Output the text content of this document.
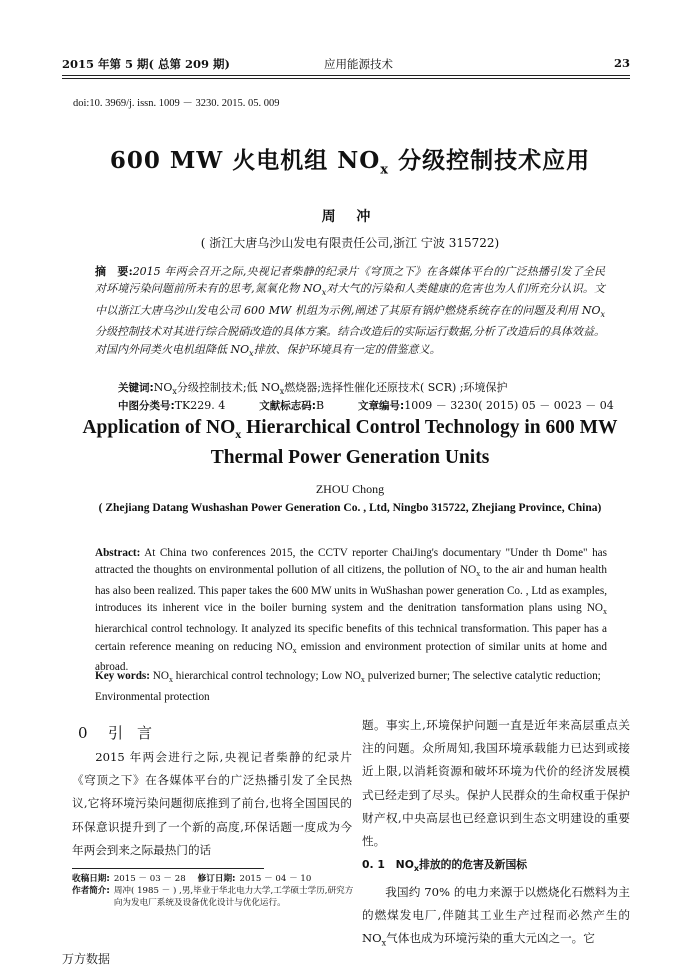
2015 年第 5 期( 总第 209 期)	应用能源技术	23
doi:10. 3969/j. issn. 1009 － 3230. 2015. 05. 009
600 MW 火电机组 $NO_x$ 分级控制技术应用
周 冲
( 浙江大唐乌沙山发电有限责任公司,浙江 宁波 315722)
摘　要:2015 年两会召开之际,央视记者柴静的纪录片《穹顶之下》在各媒体平台的广泛热播引发了全民对环境污染问题前所未有的思考,氮氧化物 $NO_x$对大气的污染和人类健康的危害也为人们所充分认识。文中以浙江大唐乌沙山发电公司 600 MW 机组为示例,阐述了其原有锅炉燃烧系统存在的问题及利用 $NO_x$分级控制技术对其进行综合脱硝改造的具体方案。结合改造后的实际运行数据,分析了改造后的具体效益。对国内外同类火电机组降低 $NO_x$排放、保护环境具有一定的借鉴意义。
关键词$:NO_x$分级控制技术;低 $NO_x$燃烧器;选择性催化还原技术( SCR) ;环境保护
中图分类号:TK229. 4	文献标志码:B	文章编号:1009 － 3230( 2015) 05 － 0023 － 04
Application of $NO_x$ Hierarchical Control Technology in 600 MW
Thermal Power Generation Units
ZHOU Chong
( Zhejiang Datang Wushashan Power Generation Co. , Ltd, Ningbo 315722, Zhejiang Province, China)
Abstract: At China two conferences 2015, the CCTV reporter ChaiJing's documentary "Under th Dome" has attracted the thoughts on environmental pollution of all citizens, the pollution of $NO_x$ to the air and human health has also been realized. This paper takes the 600 MW units in WuShashan power generation Co. , Ltd as examples, introduces its inherent vice in the boiler burning system and the denitration tansformation plans using $NO_x$ hierarchical control technology. It analyzed its specific benefits of this technical transformation. This paper has a certain reference meaning on reducing $NO_x$ emission and environment protection of similar units at home and abroad.
Key words: $NO_x$ hierarchical control technology; Low $NO_x$ pulverized burner; The selective catalytic reduction; Environmental protection
0 引言

2015 年两会进行之际,央视记者柴静的纪录片《穹顶之下》在各媒体平台的广泛热播引发了全民热议,它将环境污染问题彻底推到了前台,也将全国国民的环保意识提升到了一个新的高度,环保话题一度成为今年两会到来之际最热门的话

题。事实上,环境保护问题一直是近年来高层重点关注的问题。众所周知,我国环境承载能力已达到或接近上限,以消耗资源和破坏环境为代价的经济发展模式已经走到了尽头。保护人民群众的生命权重于保护财产权,中央高层也已经意识到生态文明建设的重要性。
0. 1　$NO_x$排放的的危害及新国标
我国约 70% 的电力来源于以燃烧化石燃料为主的燃煤发电厂,伴随其工业生产过程而必然产生的 $NO_x$气体也成为环境污染的重大元凶之一。它
收稿日期: 2015 － 03 － 28 修订日期: 2015 － 04 － 10
作者简介: 周冲( 1985 － ) ,男,毕业于华北电力大学,工学硕士学历,研究方向为发电厂系统及设备优化设计与优化运行。
万方数据
